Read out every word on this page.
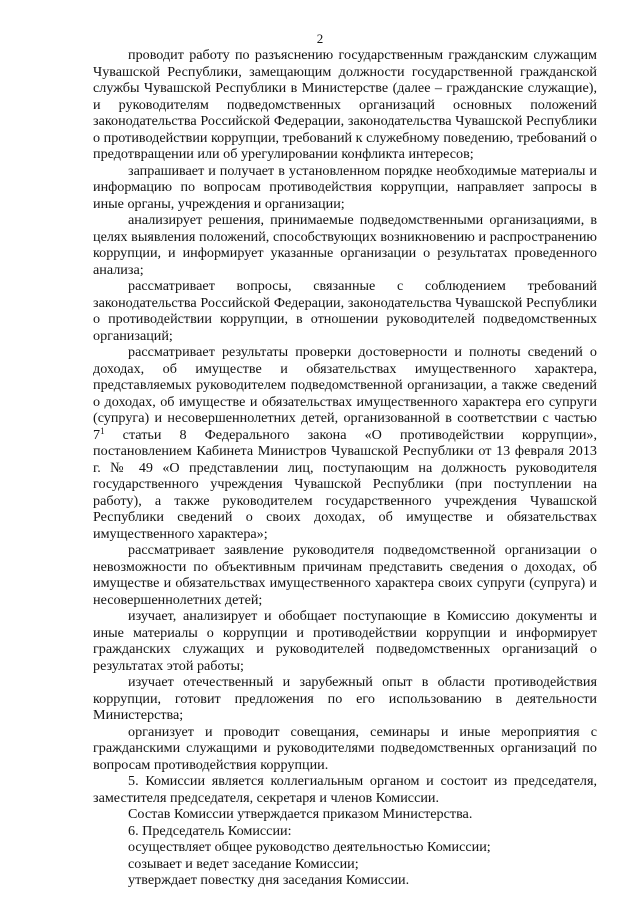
2

проводит работу по разъяснению государственным гражданским служащим Чувашской Республики, замещающим должности государственной гражданской службы Чувашской Республики в Министерстве (далее – гражданские служащие), и руководителям подведомственных организаций основных положений законодательства Российской Федерации, законодательства Чувашской Республики о противодействии коррупции, требований к служебному поведению, требований о предотвращении или об урегулировании конфликта интересов;

запрашивает и получает в установленном порядке необходимые материалы и информацию по вопросам противодействия коррупции, направляет запросы в иные органы, учреждения и организации;

анализирует решения, принимаемые подведомственными организациями, в целях выявления положений, способствующих возникновению и распространению коррупции, и информирует указанные организации о результатах проведенного анализа;

рассматривает вопросы, связанные с соблюдением требований законодательства Российской Федерации, законодательства Чувашской Республики о противодействии коррупции, в отношении руководителей подведомственных организаций;

рассматривает результаты проверки достоверности и полноты сведений о доходах, об имуществе и обязательствах имущественного характера, представляемых руководителем подведомственной организации, а также сведений о доходах, об имуществе и обязательствах имущественного характера его супруги (супруга) и несовершеннолетних детей, организованной в соответствии с частью $7^1$ статьи 8 Федерального закона «О противодействии коррупции», постановлением Кабинета Министров Чувашской Республики от 13 февраля 2013 г. № 49 «О представлении лиц, поступающим на должность руководителя государственного учреждения Чувашской Республики (при поступлении на работу), а также руководителем государственного учреждения Чувашской Республики сведений о своих доходах, об имуществе и обязательствах имущественного характера»;

рассматривает заявление руководителя подведомственной организации о невозможности по объективным причинам представить сведения о доходах, об имуществе и обязательствах имущественного характера своих супруги (супруга) и несовершеннолетних детей;

изучает, анализирует и обобщает поступающие в Комиссию документы и иные материалы о коррупции и противодействии коррупции и информирует гражданских служащих и руководителей подведомственных организаций о результатах этой работы;

изучает отечественный и зарубежный опыт в области противодействия коррупции, готовит предложения по его использованию в деятельности Министерства;

организует и проводит совещания, семинары и иные мероприятия с гражданскими служащими и руководителями подведомственных организаций по вопросам противодействия коррупции.

5. Комиссии является коллегиальным органом и состоит из председателя, заместителя председателя, секретаря и членов Комиссии.

Состав Комиссии утверждается приказом Министерства.

6. Председатель Комиссии:

осуществляет общее руководство деятельностью Комиссии;

созывает и ведет заседание Комиссии;

утверждает повестку дня заседания Комиссии.
